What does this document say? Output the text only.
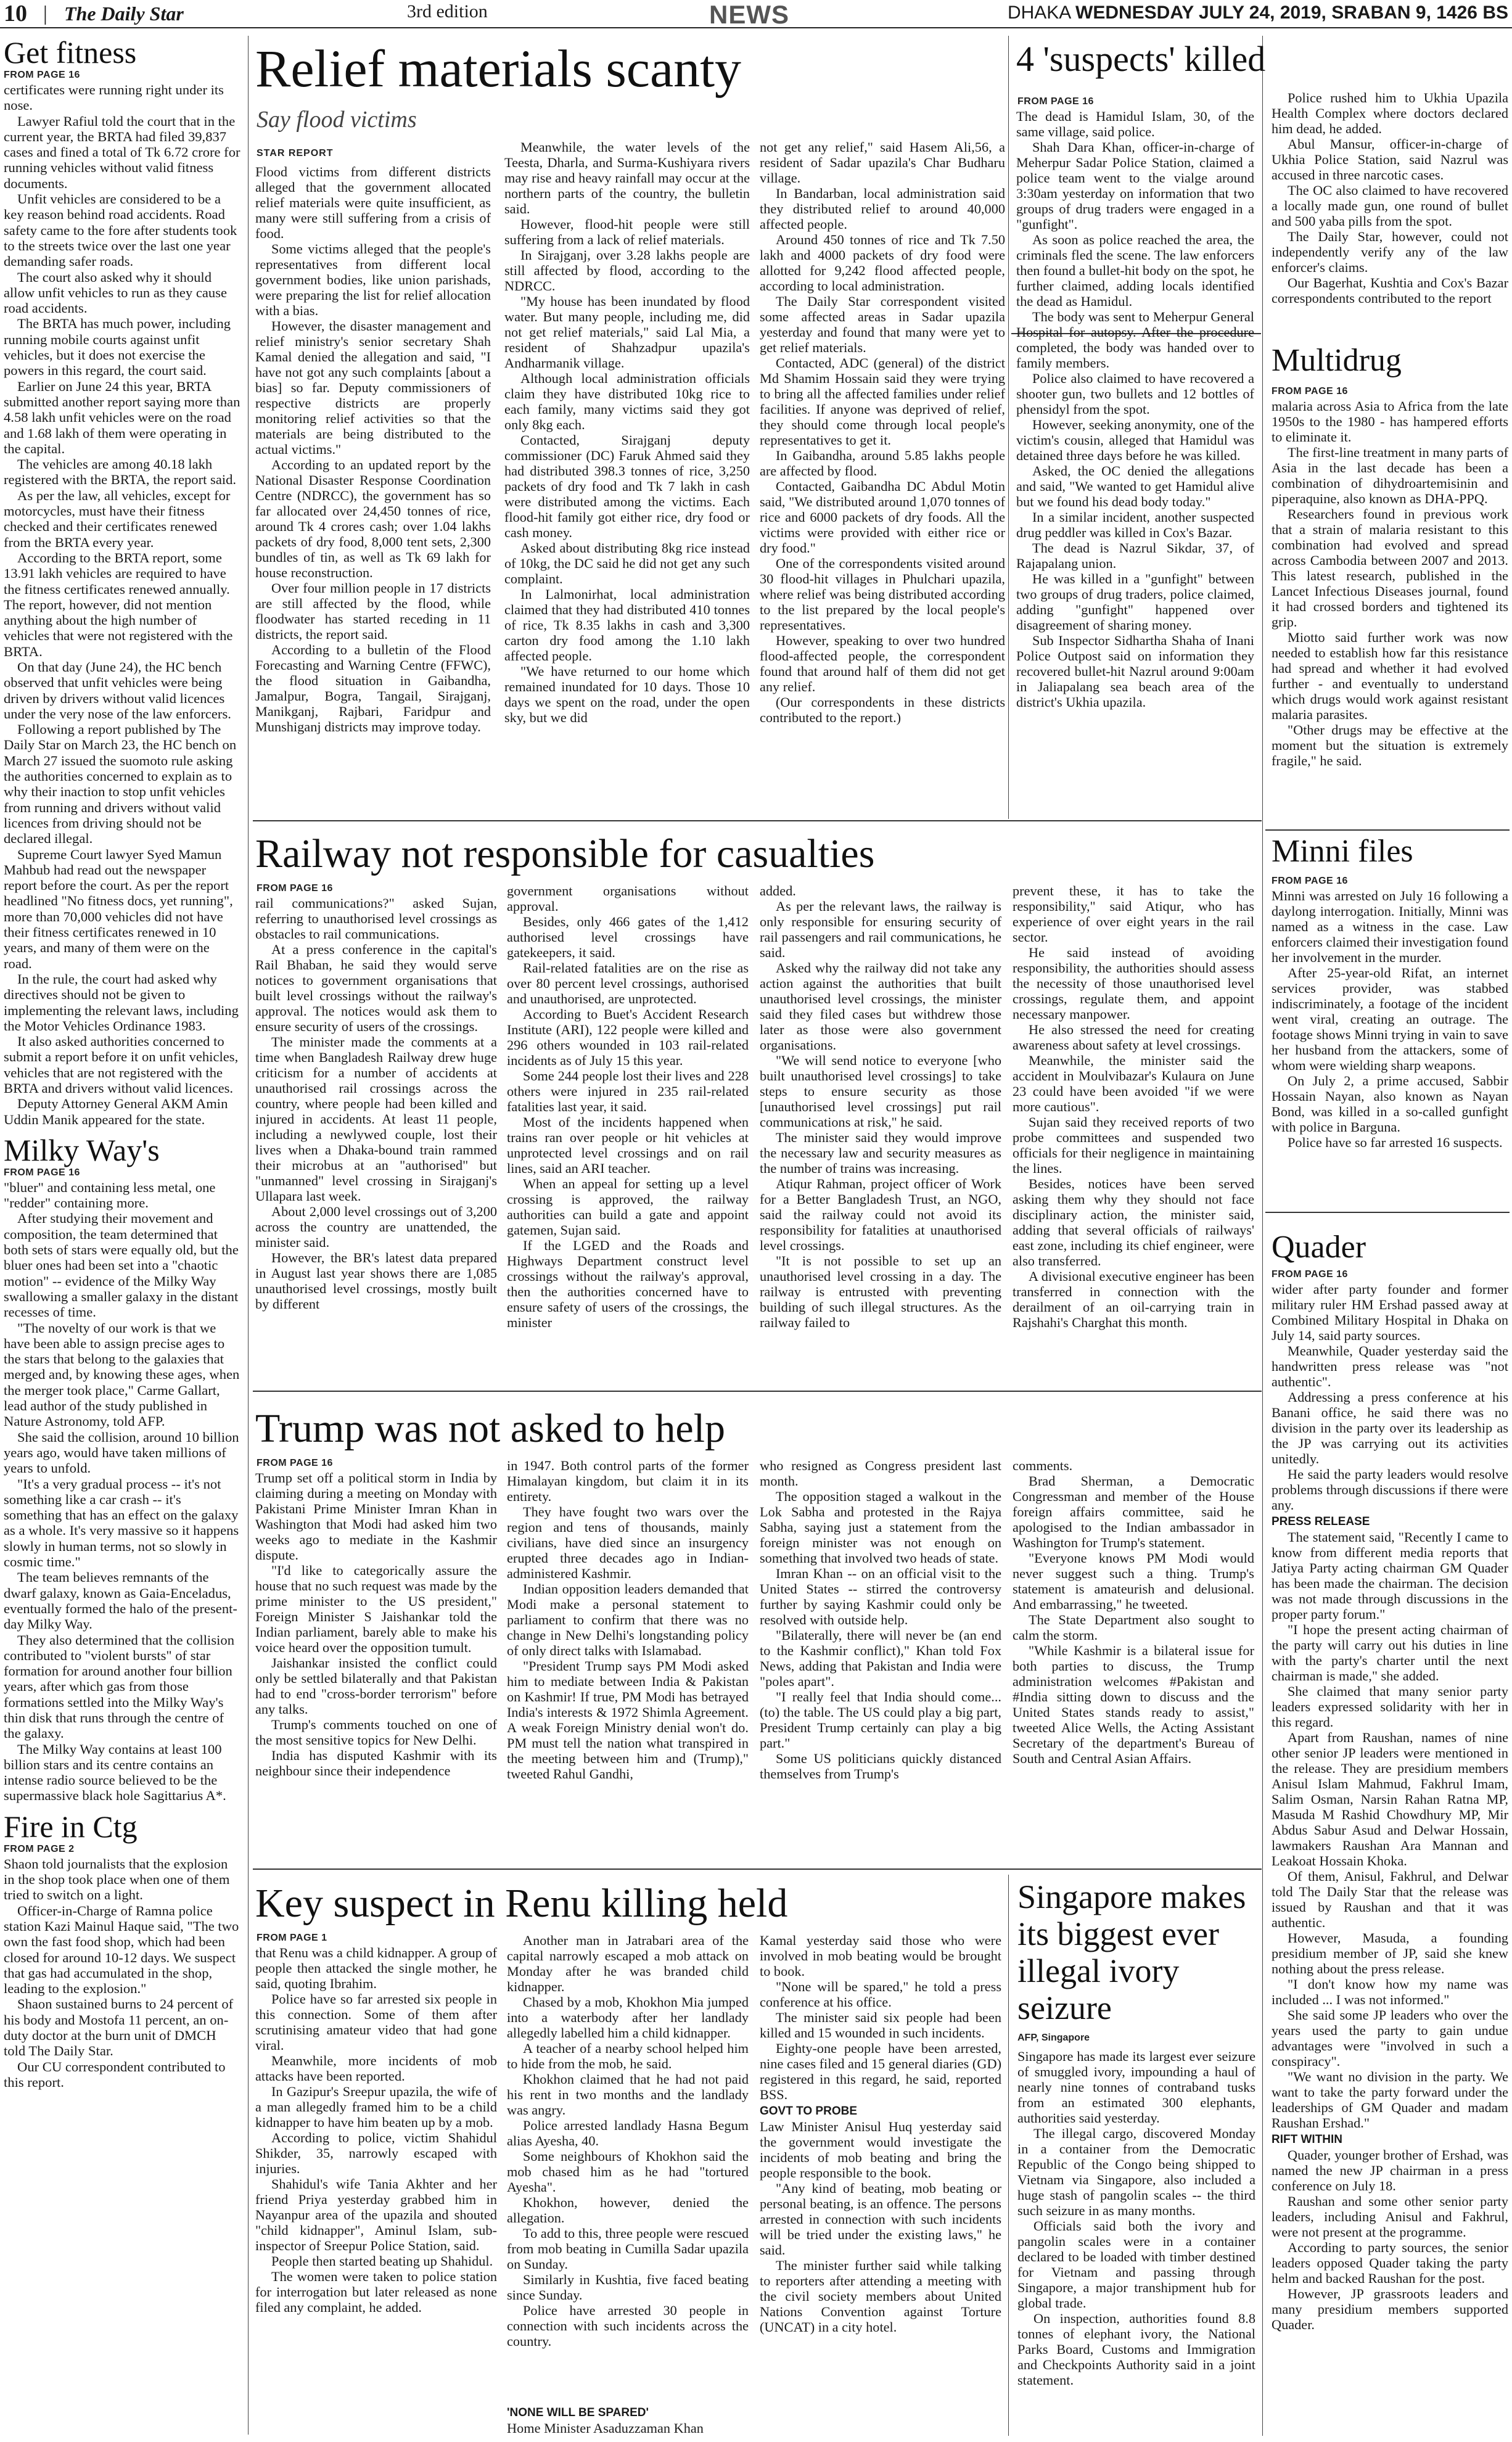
10 | The Daily Star	3rd edition	NEWS	DHAKA WEDNESDAY JULY 24, 2019, SRABAN 9, 1426 BS
Get fitness
FROM PAGE 16

certificates were running right under its nose.

Lawyer Rafiul told the court that in the current year, the BRTA had filed 39,837 cases and fined a total of Tk 6.72 crore for running vehicles without valid fitness documents.

Unfit vehicles are considered to be a key reason behind road accidents. Road safety came to the fore after students took to the streets twice over the last one year demanding safer roads.

The court also asked why it should allow unfit vehicles to run as they cause road accidents.

The BRTA has much power, including running mobile courts against unfit vehicles, but it does not exercise the powers in this regard, the court said.

Earlier on June 24 this year, BRTA submitted another report saying more than 4.58 lakh unfit vehicles were on the road and 1.68 lakh of them were operating in the capital.

The vehicles are among 40.18 lakh registered with the BRTA, the report said.

As per the law, all vehicles, except for motorcycles, must have their fitness checked and their certificates renewed from the BRTA every year.

According to the BRTA report, some 13.91 lakh vehicles are required to have the fitness certificates renewed annually. The report, however, did not mention anything about the high number of vehicles that were not registered with the BRTA.

On that day (June 24), the HC bench observed that unfit vehicles were being driven by drivers without valid licences under the very nose of the law enforcers.

Following a report published by The Daily Star on March 23, the HC bench on March 27 issued the suomoto rule asking the authorities concerned to explain as to why their inaction to stop unfit vehicles from running and drivers without valid licences from driving should not be declared illegal.

Supreme Court lawyer Syed Mamun Mahbub had read out the newspaper report before the court. As per the report headlined "No fitness docs, yet running", more than 70,000 vehicles did not have their fitness certificates renewed in 10 years, and many of them were on the road.

In the rule, the court had asked why directives should not be given to implementing the relevant laws, including the Motor Vehicles Ordinance 1983.

It also asked authorities concerned to submit a report before it on unfit vehicles, vehicles that are not registered with the BRTA and drivers without valid licences.

Deputy Attorney General AKM Amin Uddin Manik appeared for the state.

Milky Way's
FROM PAGE 16

"bluer" and containing less metal, one "redder" containing more.

After studying their movement and composition, the team determined that both sets of stars were equally old, but the bluer ones had been set into a "chaotic motion" -- evidence of the Milky Way swallowing a smaller galaxy in the distant recesses of time.

"The novelty of our work is that we have been able to assign precise ages to the stars that belong to the galaxies that merged and, by knowing these ages, when the merger took place," Carme Gallart, lead author of the study published in Nature Astronomy, told AFP.

She said the collision, around 10 billion years ago, would have taken millions of years to unfold.

"It's a very gradual process -- it's not something like a car crash -- it's something that has an effect on the galaxy as a whole. It's very massive so it happens slowly in human terms, not so slowly in cosmic time."

The team believes remnants of the dwarf galaxy, known as Gaia-Enceladus, eventually formed the halo of the present-day Milky Way.

They also determined that the collision contributed to "violent bursts" of star formation for around another four billion years, after which gas from those formations settled into the Milky Way's thin disk that runs through the centre of the galaxy.

The Milky Way contains at least 100 billion stars and its centre contains an intense radio source believed to be the supermassive black hole Sagittarius A*.

Fire in Ctg
FROM PAGE 2

Shaon told journalists that the explosion in the shop took place when one of them tried to switch on a light.

Officer-in-Charge of Ramna police station Kazi Mainul Haque said, "The two own the fast food shop, which had been closed for around 10-12 days. We suspect that gas had accumulated in the shop, leading to the explosion."

Shaon sustained burns to 24 percent of his body and Mostofa 11 percent, an on-duty doctor at the burn unit of DMCH told The Daily Star.

Our CU correspondent contributed to this report.

Relief materials scanty
Say flood victims
STAR REPORT

Flood victims from different districts alleged that the government allocated relief materials were quite insufficient, as many were still suffering from a crisis of food.

Some victims alleged that the people's representatives from different local government bodies, like union parishads, were preparing the list for relief allocation with a bias.

However, the disaster management and relief ministry's senior secretary Shah Kamal denied the allegation and said, "I have not got any such complaints [about a bias] so far. Deputy commissioners of respective districts are properly monitoring relief activities so that the materials are being distributed to the actual victims."

According to an updated report by the National Disaster Response Coordination Centre (NDRCC), the government has so far allocated over 24,450 tonnes of rice, around Tk 4 crores cash; over 1.04 lakhs packets of dry food, 8,000 tent sets, 2,300 bundles of tin, as well as Tk 69 lakh for house reconstruction.

Over four million people in 17 districts are still affected by the flood, while floodwater has started receding in 11 districts, the report said.

According to a bulletin of the Flood Forecasting and Warning Centre (FFWC), the flood situation in Gaibandha, Jamalpur, Bogra, Tangail, Sirajganj, Manikganj, Rajbari, Faridpur and Munshiganj districts may improve today.

Meanwhile, the water levels of the Teesta, Dharla, and Surma-Kushiyara rivers may rise and heavy rainfall may occur at the northern parts of the country, the bulletin said.

However, flood-hit people were still suffering from a lack of relief materials.

In Sirajganj, over 3.28 lakhs people are still affected by flood, according to the NDRCC.

"My house has been inundated by flood water. But many people, including me, did not get relief materials," said Lal Mia, a resident of Shahzadpur upazila's Andharmanik village.

Although local administration officials claim they have distributed 10kg rice to each family, many victims said they got only 8kg each.

Contacted, Sirajganj deputy commissioner (DC) Faruk Ahmed said they had distributed 398.3 tonnes of rice, 3,250 packets of dry food and Tk 7 lakh in cash were distributed among the victims. Each flood-hit family got either rice, dry food or cash money.

Asked about distributing 8kg rice instead of 10kg, the DC said he did not get any such complaint.

In Lalmonirhat, local administration claimed that they had distributed 410 tonnes of rice, Tk 8.35 lakhs in cash and 3,300 carton dry food among the 1.10 lakh affected people.

"We have returned to our home which remained inundated for 10 days. Those 10 days we spent on the road, under the open sky, but we did

not get any relief," said Hasem Ali,56, a resident of Sadar upazila's Char Budharu village.

In Bandarban, local administration said they distributed relief to around 40,000 affected people.

Around 450 tonnes of rice and Tk 7.50 lakh and 4000 packets of dry food were allotted for 9,242 flood affected people, according to local administration.

The Daily Star correspondent visited some affected areas in Sadar upazila yesterday and found that many were yet to get relief materials.

Contacted, ADC (general) of the district Md Shamim Hossain said they were trying to bring all the affected families under relief facilities. If anyone was deprived of relief, they should come through local people's representatives to get it.

In Gaibandha, around 5.85 lakhs people are affected by flood.

Contacted, Gaibandha DC Abdul Motin said, "We distributed around 1,070 tonnes of rice and 6000 packets of dry foods. All the victims were provided with either rice or dry food."

One of the correspondents visited around 30 flood-hit villages in Phulchari upazila, where relief was being distributed according to the list prepared by the local people's representatives.

However, speaking to over two hundred flood-affected people, the correspondent found that around half of them did not get any relief.

(Our correspondents in these districts contributed to the report.)

4 'suspects' killed
FROM PAGE 16

The dead is Hamidul Islam, 30, of the same village, said police.

Shah Dara Khan, officer-in-charge of Meherpur Sadar Police Station, claimed a police team went to the vialge around 3:30am yesterday on information that two groups of drug traders were engaged in a "gunfight".

As soon as police reached the area, the criminals fled the scene. The law enforcers then found a bullet-hit body on the spot, he further claimed, adding locals identified the dead as Hamidul.

The body was sent to Meherpur General Hospital for autopsy. After the procedure completed, the body was handed over to family members.

Police also claimed to have recovered a shooter gun, two bullets and 12 bottles of phensidyl from the spot.

However, seeking anonymity, one of the victim's cousin, alleged that Hamidul was detained three days before he was killed.

Asked, the OC denied the allegations and said, "We wanted to get Hamidul alive but we found his dead body today."

In a similar incident, another suspected drug peddler was killed in Cox's Bazar.

The dead is Nazrul Sikdar, 37, of Rajapalang union.

He was killed in a "gunfight" between two groups of drug traders, police claimed, adding "gunfight" happened over disagreement of sharing money.

Sub Inspector Sidhartha Shaha of Inani Police Outpost said on information they recovered bullet-hit Nazrul around 9:00am in Jaliapalang sea beach area of the district's Ukhia upazila.

Police rushed him to Ukhia Upazila Health Complex where doctors declared him dead, he added.

Abul Mansur, officer-in-charge of Ukhia Police Station, said Nazrul was accused in three narcotic cases.

The OC also claimed to have recovered a locally made gun, one round of bullet and 500 yaba pills from the spot.

The Daily Star, however, could not independently verify any of the law enforcer's claims.

Our Bagerhat, Kushtia and Cox's Bazar correspondents contributed to the report

Multidrug
FROM PAGE 16

malaria across Asia to Africa from the late 1950s to the 1980 - has hampered efforts to eliminate it.

The first-line treatment in many parts of Asia in the last decade has been a combination of dihydroartemisinin and piperaquine, also known as DHA-PPQ.

Researchers found in previous work that a strain of malaria resistant to this combination had evolved and spread across Cambodia between 2007 and 2013. This latest research, published in the Lancet Infectious Diseases journal, found it had crossed borders and tightened its grip.

Miotto said further work was now needed to establish how far this resistance had spread and whether it had evolved further - and eventually to understand which drugs would work against resistant malaria parasites.

"Other drugs may be effective at the moment but the situation is extremely fragile," he said.

Railway not responsible for casualties
FROM PAGE 16

rail communications?" asked Sujan, referring to unauthorised level crossings as obstacles to rail communications.

At a press conference in the capital's Rail Bhaban, he said they would serve notices to government organisations that built level crossings without the railway's approval. The notices would ask them to ensure security of users of the crossings.

The minister made the comments at a time when Bangladesh Railway drew huge criticism for a number of accidents at unauthorised rail crossings across the country, where people had been killed and injured in accidents. At least 11 people, including a newlywed couple, lost their lives when a Dhaka-bound train rammed their microbus at an "authorised" but "unmanned" level crossing in Sirajganj's Ullapara last week.

About 2,000 level crossings out of 3,200 across the country are unattended, the minister said.

However, the BR's latest data prepared in August last year shows there are 1,085 unauthorised level crossings, mostly built by different

government organisations without approval.

Besides, only 466 gates of the 1,412 authorised level crossings have gatekeepers, it said.

Rail-related fatalities are on the rise as over 80 percent level crossings, authorised and unauthorised, are unprotected.

According to Buet's Accident Research Institute (ARI), 122 people were killed and 296 others wounded in 103 rail-related incidents as of July 15 this year.

Some 244 people lost their lives and 228 others were injured in 235 rail-related fatalities last year, it said.

Most of the incidents happened when trains ran over people or hit vehicles at unprotected level crossings and on rail lines, said an ARI teacher.

When an appeal for setting up a level crossing is approved, the railway authorities can build a gate and appoint gatemen, Sujan said.

If the LGED and the Roads and Highways Department construct level crossings without the railway's approval, then the authorities concerned have to ensure safety of users of the crossings, the minister

added.

As per the relevant laws, the railway is only responsible for ensuring security of rail passengers and rail communications, he said.

Asked why the railway did not take any action against the authorities that built unauthorised level crossings, the minister said they filed cases but withdrew those later as those were also government organisations.

"We will send notice to everyone [who built unauthorised level crossings] to take steps to ensure security as those [unauthorised level crossings] put rail communications at risk," he said.

The minister said they would improve the necessary law and security measures as the number of trains was increasing.

Atiqur Rahman, project officer of Work for a Better Bangladesh Trust, an NGO, said the railway could not avoid its responsibility for fatalities at unauthorised level crossings.

"It is not possible to set up an unauthorised level crossing in a day. The railway is entrusted with preventing building of such illegal structures. As the railway failed to

prevent these, it has to take the responsibility," said Atiqur, who has experience of over eight years in the rail sector.

He said instead of avoiding responsibility, the authorities should assess the necessity of those unauthorised level crossings, regulate them, and appoint necessary manpower.

He also stressed the need for creating awareness about safety at level crossings.

Meanwhile, the minister said the accident in Moulvibazar's Kulaura on June 23 could have been avoided "if we were more cautious".

Sujan said they received reports of two probe committees and suspended two officials for their negligence in maintaining the lines.

Besides, notices have been served asking them why they should not face disciplinary action, the minister said, adding that several officials of railways' east zone, including its chief engineer, were also transferred.

A divisional executive engineer has been transferred in connection with the derailment of an oil-carrying train in Rajshahi's Charghat this month.

Minni files
FROM PAGE 16

Minni was arrested on July 16 following a daylong interrogation. Initially, Minni was named as a witness in the case. Law enforcers claimed their investigation found her involvement in the murder.

After 25-year-old Rifat, an internet services provider, was stabbed indiscriminately, a footage of the incident went viral, creating an outrage. The footage shows Minni trying in vain to save her husband from the attackers, some of whom were wielding sharp weapons.

On July 2, a prime accused, Sabbir Hossain Nayan, also known as Nayan Bond, was killed in a so-called gunfight with police in Barguna.

Police have so far arrested 16 suspects.

Quader
FROM PAGE 16

wider after party founder and former military ruler HM Ershad passed away at Combined Military Hospital in Dhaka on July 14, said party sources.

Meanwhile, Quader yesterday said the handwritten press release was "not authentic".

Addressing a press conference at his Banani office, he said there was no division in the party over its leadership as the JP was carrying out its activities unitedly.

He said the party leaders would resolve problems through discussions if there were any.

PRESS RELEASE

The statement said, "Recently I came to know from different media reports that Jatiya Party acting chairman GM Quader has been made the chairman. The decision was not made through discussions in the proper party forum."

"I hope the present acting chairman of the party will carry out his duties in line with the party's charter until the next chairman is made," she added.

She claimed that many senior party leaders expressed solidarity with her in this regard.

Apart from Raushan, names of nine other senior JP leaders were mentioned in the release. They are presidium members Anisul Islam Mahmud, Fakhrul Imam, Salim Osman, Narsin Rahan Ratna MP, Masuda M Rashid Chowdhury MP, Mir Abdus Sabur Asud and Delwar Hossain, lawmakers Raushan Ara Mannan and Leakoat Hossain Khoka.

Of them, Anisul, Fakhrul, and Delwar told The Daily Star that the release was issued by Raushan and that it was authentic.

However, Masuda, a founding presidium member of JP, said she knew nothing about the press release.

"I don't know how my name was included ... I was not informed."

She said some JP leaders who over the years used the party to gain undue advantages were "involved in such a conspiracy".

"We want no division in the party. We want to take the party forward under the leaderships of GM Quader and madam Raushan Ershad."

RIFT WITHIN

Quader, younger brother of Ershad, was named the new JP chairman in a press conference on July 18.

Raushan and some other senior party leaders, including Anisul and Fakhrul, were not present at the programme.

According to party sources, the senior leaders opposed Quader taking the party helm and backed Raushan for the post.

However, JP grassroots leaders and many presidium members supported Quader.

Trump was not asked to help
FROM PAGE 16

Trump set off a political storm in India by claiming during a meeting on Monday with Pakistani Prime Minister Imran Khan in Washington that Modi had asked him two weeks ago to mediate in the Kashmir dispute.

"I'd like to categorically assure the house that no such request was made by the prime minister to the US president," Foreign Minister S Jaishankar told the Indian parliament, barely able to make his voice heard over the opposition tumult.

Jaishankar insisted the conflict could only be settled bilaterally and that Pakistan had to end "cross-border terrorism" before any talks.

Trump's comments touched on one of the most sensitive topics for New Delhi.

India has disputed Kashmir with its neighbour since their independence

in 1947. Both control parts of the former Himalayan kingdom, but claim it in its entirety.

They have fought two wars over the region and tens of thousands, mainly civilians, have died since an insurgency erupted three decades ago in Indian-administered Kashmir.

Indian opposition leaders demanded that Modi make a personal statement to parliament to confirm that there was no change in New Delhi's longstanding policy of only direct talks with Islamabad.

"President Trump says PM Modi asked him to mediate between India & Pakistan on Kashmir! If true, PM Modi has betrayed India's interests & 1972 Shimla Agreement. A weak Foreign Ministry denial won't do. PM must tell the nation what transpired in the meeting between him and (Trump)," tweeted Rahul Gandhi,

who resigned as Congress president last month.

The opposition staged a walkout in the Lok Sabha and protested in the Rajya Sabha, saying just a statement from the foreign minister was not enough on something that involved two heads of state.

Imran Khan -- on an official visit to the United States -- stirred the controversy further by saying Kashmir could only be resolved with outside help.

"Bilaterally, there will never be (an end to the Kashmir conflict)," Khan told Fox News, adding that Pakistan and India were "poles apart".

"I really feel that India should come... (to) the table. The US could play a big part, President Trump certainly can play a big part."

Some US politicians quickly distanced themselves from Trump's

comments.

Brad Sherman, a Democratic Congressman and member of the House foreign affairs committee, said he apologised to the Indian ambassador in Washington for Trump's statement.

"Everyone knows PM Modi would never suggest such a thing. Trump's statement is amateurish and delusional. And embarrassing," he tweeted.

The State Department also sought to calm the storm.

"While Kashmir is a bilateral issue for both parties to discuss, the Trump administration welcomes #Pakistan and #India sitting down to discuss and the United States stands ready to assist," tweeted Alice Wells, the Acting Assistant Secretary of the department's Bureau of South and Central Asian Affairs.

Key suspect in Renu killing held
FROM PAGE 1

that Renu was a child kidnapper. A group of people then attacked the single mother, he said, quoting Ibrahim.

Police have so far arrested six people in this connection. Some of them after scrutinising amateur video that had gone viral.

Meanwhile, more incidents of mob attacks have been reported.

In Gazipur's Sreepur upazila, the wife of a man allegedly framed him to be a child kidnapper to have him beaten up by a mob.

According to police, victim Shahidul Shikder, 35, narrowly escaped with injuries.

Shahidul's wife Tania Akhter and her friend Priya yesterday grabbed him in Nayanpur area of the upazila and shouted "child kidnapper", Aminul Islam, sub-inspector of Sreepur Police Station, said.

People then started beating up Shahidul.

The women were taken to police station for interrogation but later released as none filed any complaint, he added.

Another man in Jatrabari area of the capital narrowly escaped a mob attack on Monday after he was branded child kidnapper.

Chased by a mob, Khokhon Mia jumped into a waterbody after her landlady allegedly labelled him a child kidnapper.

A teacher of a nearby school helped him to hide from the mob, he said.

Khokhon claimed that he had not paid his rent in two months and the landlady was angry.

Police arrested landlady Hasna Begum alias Ayesha, 40.

Some neighbours of Khokhon said the mob chased him as he had "tortured Ayesha".

Khokhon, however, denied the allegation.

To add to this, three people were rescued from mob beating in Cumilla Sadar upazila on Sunday.

Similarly in Kushtia, five faced beating since Sunday.

Police have arrested 30 people in connection with such incidents across the country.

Kamal yesterday said those who were involved in mob beating would be brought to book.

"None will be spared," he told a press conference at his office.

The minister said six people had been killed and 15 wounded in such incidents.

Eighty-one people have been arrested, nine cases filed and 15 general diaries (GD) registered in this regard, he said, reported BSS.

GOVT TO PROBE

Law Minister Anisul Huq yesterday said the government would investigate the incidents of mob beating and bring the people responsible to the book.

"Any kind of beating, mob beating or personal beating, is an offence. The persons arrested in connection with such incidents will be tried under the existing laws," he said.

The minister further said while talking to reporters after attending a meeting with the civil society members about United Nations Convention against Torture (UNCAT) in a city hotel.

'NONE WILL BE SPARED'

Home Minister Asaduzzaman Khan

Singapore makes its biggest ever illegal ivory seizure
AFP, Singapore

Singapore has made its largest ever seizure of smuggled ivory, impounding a haul of nearly nine tonnes of contraband tusks from an estimated 300 elephants, authorities said yesterday.

The illegal cargo, discovered Monday in a container from the Democratic Republic of the Congo being shipped to Vietnam via Singapore, also included a huge stash of pangolin scales -- the third such seizure in as many months.

Officials said both the ivory and pangolin scales were in a container declared to be loaded with timber destined for Vietnam and passing through Singapore, a major transhipment hub for global trade.

On inspection, authorities found 8.8 tonnes of elephant ivory, the National Parks Board, Customs and Immigration and Checkpoints Authority said in a joint statement.
